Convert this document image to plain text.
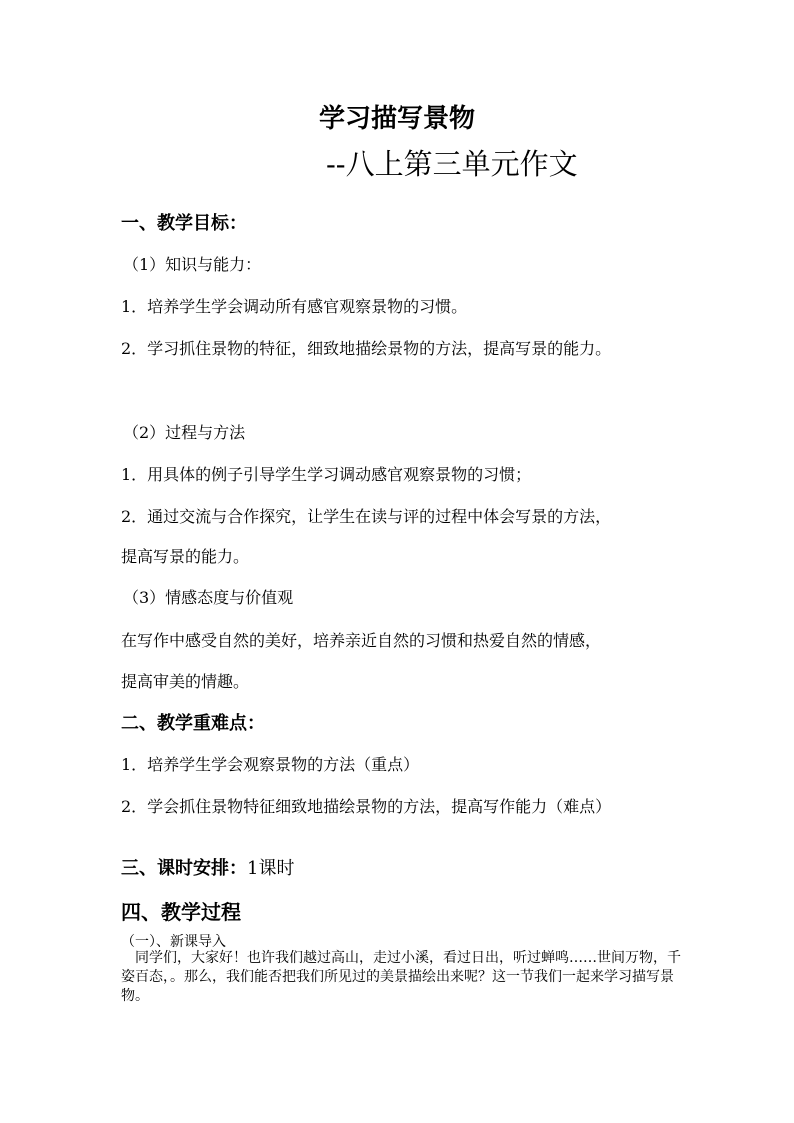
学习描写景物
--八上第三单元作文
一、教学目标：
（1）知识与能力：
1．培养学生学会调动所有感官观察景物的习惯。
2．学习抓住景物的特征，细致地描绘景物的方法，提高写景的能力。
（2）过程与方法
1．用具体的例子引导学生学习调动感官观察景物的习惯；
2．通过交流与合作探究，让学生在读与评的过程中体会写景的方法，
提高写景的能力。
（3）情感态度与价值观
在写作中感受自然的美好，培养亲近自然的习惯和热爱自然的情感，
提高审美的情趣。
二、教学重难点：
1．培养学生学会观察景物的方法（重点）
2．学会抓住景物特征细致地描绘景物的方法，提高写作能力（难点）
三、课时安排：1课时
四、教学过程
（一）、新课导入
同学们，大家好！也许我们越过高山，走过小溪，看过日出，听过蝉鸣……世间万物，千姿百态，。那么，我们能否把我们所见过的美景描绘出来呢？这一节我们一起来学习描写景物。
